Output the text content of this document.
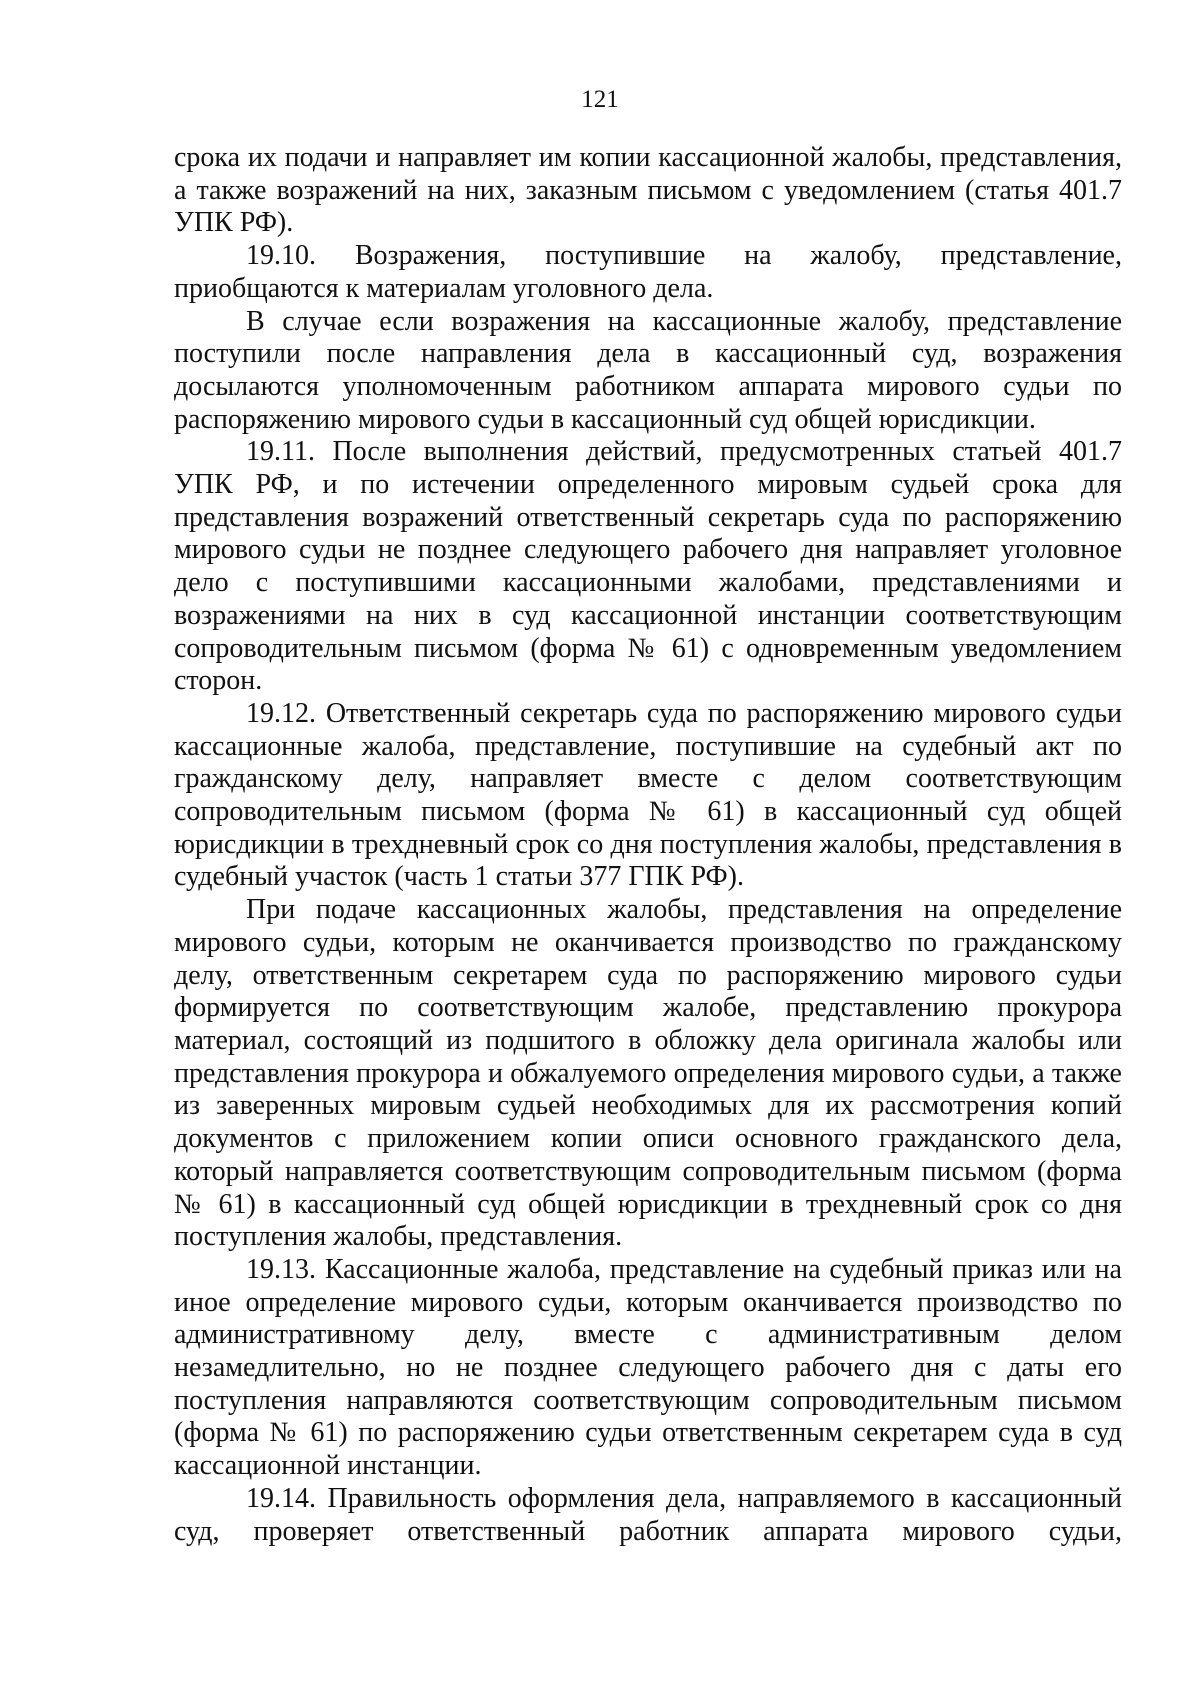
121

срока их подачи и направляет им копии кассационной жалобы, представления, а также возражений на них, заказным письмом с уведомлением (статья 401.7 УПК РФ).

19.10. Возражения, поступившие на жалобу, представление, приобщаются к материалам уголовного дела.

В случае если возражения на кассационные жалобу, представление поступили после направления дела в кассационный суд, возражения досылаются уполномоченным работником аппарата мирового судьи по распоряжению мирового судьи в кассационный суд общей юрисдикции.

19.11. После выполнения действий, предусмотренных статьей 401.7 УПК РФ, и по истечении определенного мировым судьей срока для представления возражений ответственный секретарь суда по распоряжению мирового судьи не позднее следующего рабочего дня направляет уголовное дело с поступившими кассационными жалобами, представлениями и возражениями на них в суд кассационной инстанции соответствующим сопроводительным письмом (форма № 61) с одновременным уведомлением сторон.

19.12. Ответственный секретарь суда по распоряжению мирового судьи кассационные жалоба, представление, поступившие на судебный акт по гражданскому делу, направляет вместе с делом соответствующим сопроводительным письмом (форма № 61) в кассационный суд общей юрисдикции в трехдневный срок со дня поступления жалобы, представления в судебный участок (часть 1 статьи 377 ГПК РФ).

При подаче кассационных жалобы, представления на определение мирового судьи, которым не оканчивается производство по гражданскому делу, ответственным секретарем суда по распоряжению мирового судьи формируется по соответствующим жалобе, представлению прокурора материал, состоящий из подшитого в обложку дела оригинала жалобы или представления прокурора и обжалуемого определения мирового судьи, а также из заверенных мировым судьей необходимых для их рассмотрения копий документов с приложением копии описи основного гражданского дела, который направляется соответствующим сопроводительным письмом (форма № 61) в кассационный суд общей юрисдикции в трехдневный срок со дня поступления жалобы, представления.

19.13. Кассационные жалоба, представление на судебный приказ или на иное определение мирового судьи, которым оканчивается производство по административному делу, вместе с административным делом незамедлительно, но не позднее следующего рабочего дня с даты его поступления направляются соответствующим сопроводительным письмом (форма № 61) по распоряжению судьи ответственным секретарем суда в суд кассационной инстанции.

19.14. Правильность оформления дела, направляемого в кассационный суд, проверяет ответственный работник аппарата мирового судьи,
